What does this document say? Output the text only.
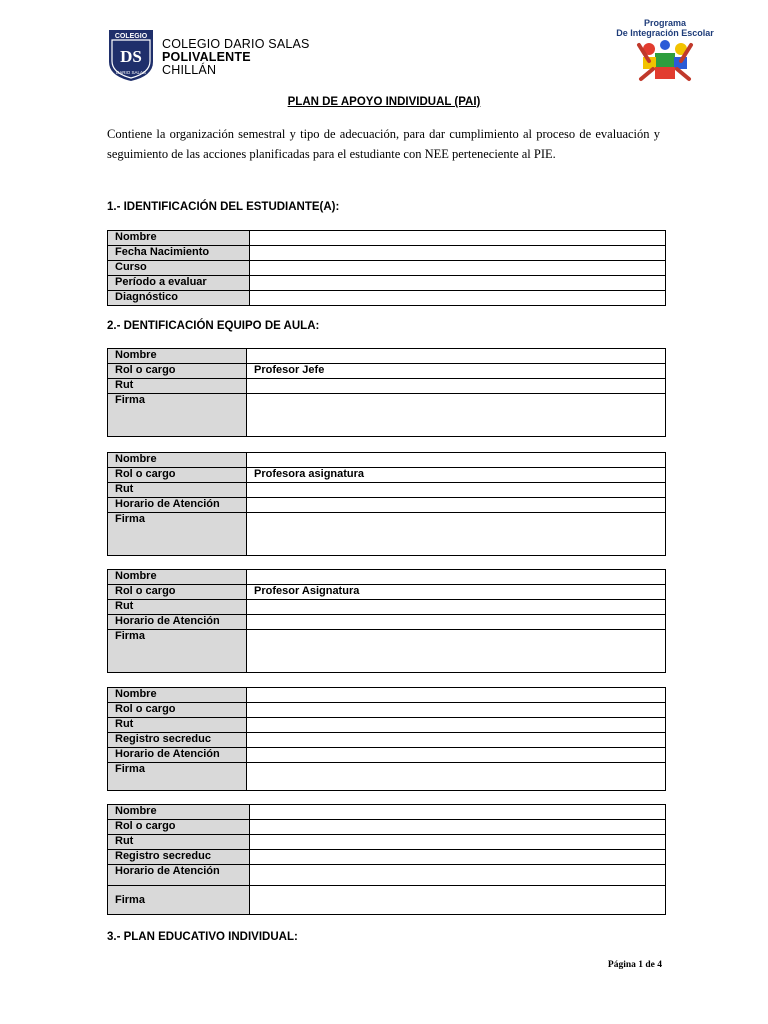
COLEGIO
DS
DARIO SALAS
COLEGIO DARIO SALAS
POLIVALENTE
CHILLÁN
Programa
De Integración Escolar
PLAN DE APOYO INDIVIDUAL (PAI)
Contiene la organización semestral y tipo de adecuación, para dar cumplimiento al proceso de evaluación y seguimiento de las acciones planificadas para el estudiante con NEE perteneciente al PIE.
1.- IDENTIFICACIÓN DEL ESTUDIANTE(A):
Nombre	
Fecha Nacimiento	
Curso	
Período a evaluar	
Diagnóstico	
2.- DENTIFICACIÓN EQUIPO DE AULA:
Nombre	
Rol o cargo	Profesor Jefe
Rut	
Firma	
Nombre	
Rol o cargo	Profesora asignatura
Rut	
Horario de Atención	
Firma	
Nombre	
Rol o cargo	Profesor Asignatura
Rut	
Horario de Atención	
Firma	
Nombre	
Rol o cargo	
Rut	
Registro secreduc	
Horario de Atención	
Firma	
Nombre	
Rol o cargo	
Rut	
Registro secreduc	
Horario de Atención	
Firma	
3.- PLAN EDUCATIVO INDIVIDUAL:
Página 1 de 4
